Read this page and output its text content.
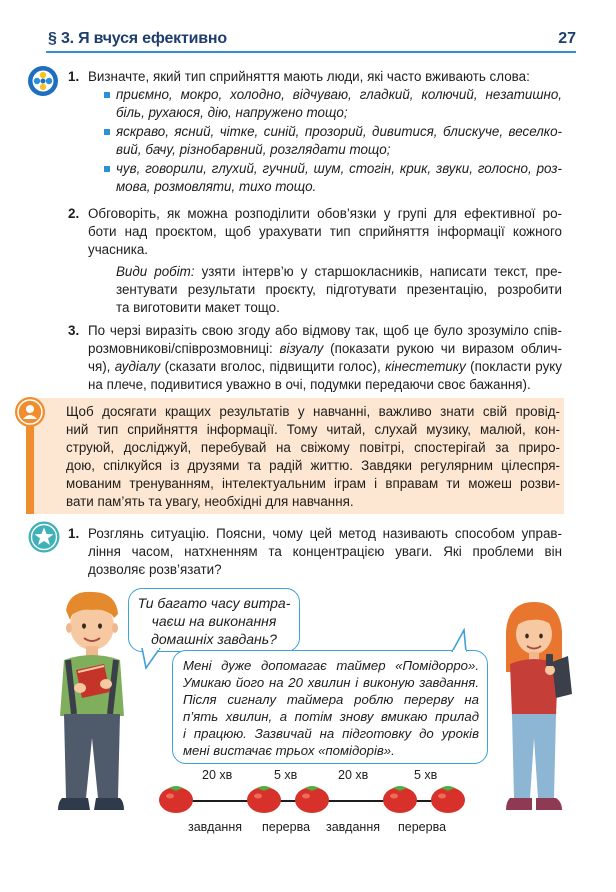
§ 3. Я вчуся ефективно	27
1. Визначте, який тип сприйняття мають люди, які часто вживають слова:
приємно, мокро, холодно, відчуваю, гладкий, колючий, незатишно,
біль, рухаюся, дію, напружено тощо;
яскраво, ясний, чітке, синій, прозорий, дивитися, блискуче, веселко-
вий, бачу, різнобарвний, розглядати тощо;
чув, говорили, глухий, гучний, шум, стогін, крик, звуки, голосно, роз-
мова, розмовляти, тихо тощо.
2. Обговоріть, як можна розподілити обов’язки у групі для ефективної ро-
боти над проєктом, щоб урахувати тип сприйняття інформації кожного
учасника.
Види робіт: узяти інтерв’ю у старшокласників, написати текст, пре-
зентувати результати проєкту, підготувати презентацію, розробити
та виготовити макет тощо.
3. По черзі виразіть свою згоду або відмову так, щоб це було зрозуміло спів-
розмовникові/співрозмовниці: візуалу (показати рукою чи виразом облич-
чя), аудіалу (сказати вголос, підвищити голос), кінестетику (поклacти руку
на плече, подивитися уважно в очі, подумки передаючи своє бажання).
Щоб досягати кращих результатів у навчанні, важливо знати свій провід-
ний тип сприйняття інформації. Тому читай, слухай музику, малюй, кон-
струюй, досліджуй, перебувай на свіжому повітрі, спостерігай за приро-
дою, спілкуйся із друзями та радій життю. Завдяки регулярним цілеспря-
мованим тренуванням, інтелектуальним іграм і вправам ти можеш розви-
вати пам’ять та увагу, необхідні для навчання.
1. Розглянь ситуацію. Поясни, чому цей метод називають способом управ-
ління часом, натхненням та концентрацією уваги. Які проблеми він
дозволяє розв’язати?
Ти багато часу витра-
чаєш на виконання
домашніх завдань?
Мені дуже допомагає таймер «Помідорро».
Умикаю його на 20 хвилин і виконую завдання.
Після сигналу таймера роблю перерву на
п’ять хвилин, а потім знову вмикаю прилад
і працюю. Зазвичай на підготовку до уроків
мені вистачає трьох «помідорів».
20 хв	5 хв	20 хв	5 хв
завдання перерва завдання перерва
